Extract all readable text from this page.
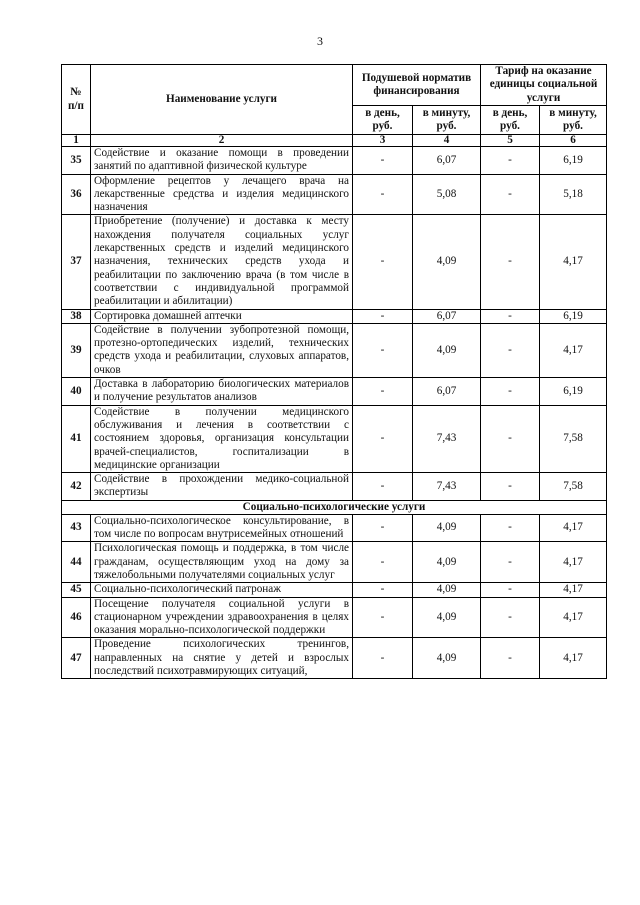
3
№ п/п	Наименование услуги	Подушевой норматив финансирования		Тариф на оказание единицы социальной услуги	
		в день, руб.	в минуту, руб.	в день, руб.	в минуту, руб.
1	2	3	4	5	6
35	Содействие и оказание помощи в проведении занятий по адаптивной физической культуре	-	6,07	-	6,19
36	Оформление рецептов у лечащего врача на лекарственные средства и изделия медицинского назначения	-	5,08	-	5,18
37	Приобретение (получение) и доставка к месту нахождения получателя социальных услуг лекарственных средств и изделий медицинского назначения, технических средств ухода и реабилитации по заключению врача (в том числе в соответствии с индивидуальной программой реабилитации и абилитации)	-	4,09	-	4,17
38	Сортировка домашней аптечки	-	6,07	-	6,19
39	Содействие в получении зубопротезной помощи, протезно-ортопедических изделий, технических средств ухода и реабилитации, слуховых аппаратов, очков	-	4,09	-	4,17
40	Доставка в лабораторию биологических материалов и получение результатов анализов	-	6,07	-	6,19
41	Содействие в получении медицинского обслуживания и лечения в соответствии с состоянием здоровья, организация консультации врачей-специалистов, госпитализации в медицинские организации	-	7,43	-	7,58
42	Содействие в прохождении медико-социальной экспертизы	-	7,43	-	7,58
Социально-психологические услуги					
43	Социально-психологическое консультирование, в том числе по вопросам внутрисемейных отношений	-	4,09	-	4,17
44	Психологическая помощь и поддержка, в том числе гражданам, осуществляющим уход на дому за тяжелобольными получателями социальных услуг	-	4,09	-	4,17
45	Социально-психологический патронаж	-	4,09	-	4,17
46	Посещение получателя социальной услуги в стационарном учреждении здравоохранения в целях оказания морально-психологической поддержки	-	4,09	-	4,17
47	Проведение психологических тренингов, направленных на снятие у детей и взрослых последствий психотравмирующих ситуаций,	-	4,09	-	4,17
